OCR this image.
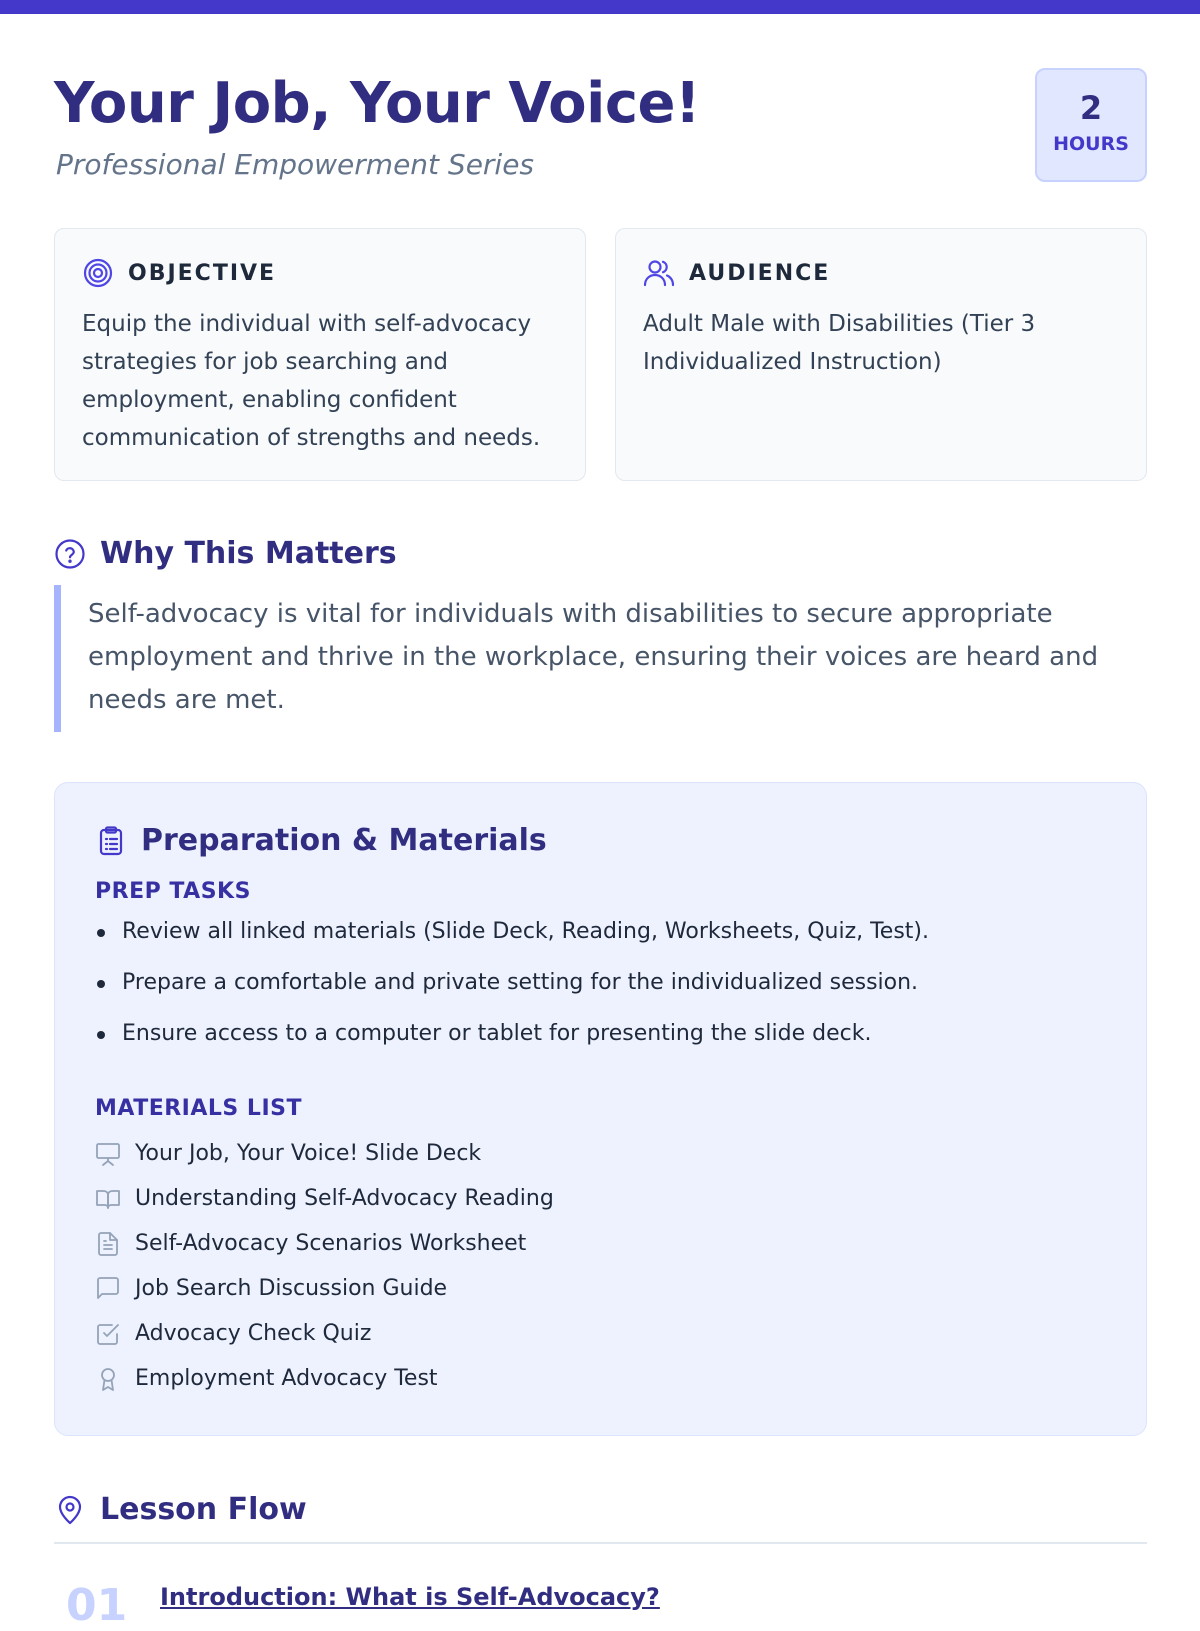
Your Job, Your Voice!

Professional Empowerment Series

2
HOURS
OBJECTIVE
Equip the individual with self-advocacy strategies for job searching and employment, enabling confident communication of strengths and needs.
AUDIENCE
Adult Male with Disabilities (Tier 3 Individualized Instruction)
Why This Matters
Self-advocacy is vital for individuals with disabilities to secure appropriate employment and thrive in the workplace, ensuring their voices are heard and needs are met.
Preparation & Materials
PREP TASKS
Review all linked materials (Slide Deck, Reading, Worksheets, Quiz, Test).
Prepare a comfortable and private setting for the individualized session.
Ensure access to a computer or tablet for presenting the slide deck.
MATERIALS LIST
Your Job, Your Voice! Slide Deck
Understanding Self-Advocacy Reading
Self-Advocacy Scenarios Worksheet
Job Search Discussion Guide
Advocacy Check Quiz
Employment Advocacy Test
Lesson Flow
01 Introduction: What is Self-Advocacy?
